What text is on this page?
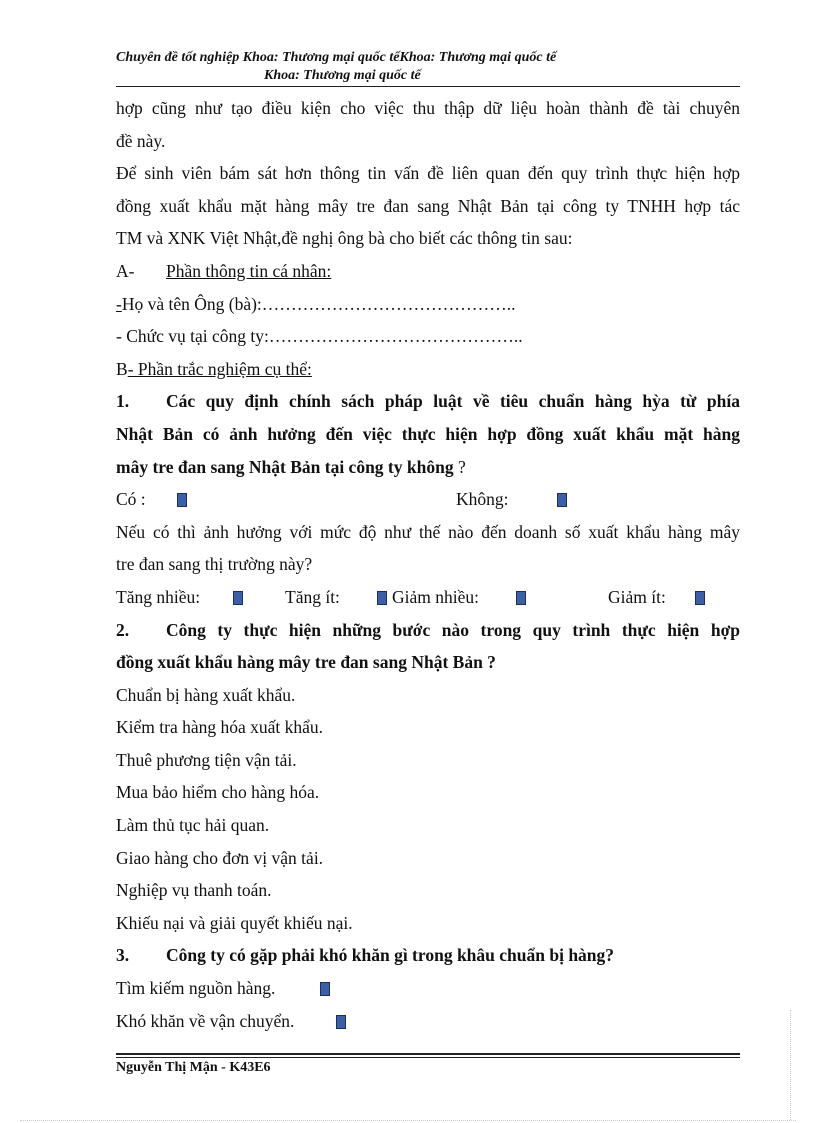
Chuyên đề tốt nghiệp Khoa: Thương mại quốc tếKhoa: Thương mại quốc tế
Khoa: Thương mại quốc tế
hợp cũng như tạo điều kiện cho việc thu thập dữ liệu hoàn thành đề tài chuyên
đề này.
Để sinh viên bám sát hơn thông tin vấn đề liên quan đến quy trình thực hiện hợp
đồng xuất khẩu mặt hàng mây tre đan sang Nhật Bản tại công ty TNHH hợp tác
TM và XNK Việt Nhật,đề nghị ông bà cho biết các thông tin sau:
A- Phần thông tin cá nhân:
-Họ và tên Ông (bà):……………………………………..
- Chức vụ tại công ty:……………………………………..
B- Phần trắc nghiệm cụ thể:
1. Các quy định chính sách pháp luật về tiêu chuẩn hàng hỳa từ phía
Nhật Bản có ảnh hưởng đến việc thực hiện hợp đồng xuất khẩu mặt hàng
mây tre đan sang Nhật Bản tại công ty không ?
Có :	Không:
Nếu có thì ảnh hưởng với mức độ như thế nào đến doanh số xuất khẩu hàng mây
tre đan sang thị trường này?
Tăng nhiều:	Tăng ít:	Giảm nhiều:	Giảm ít:
2. Công ty thực hiện những bước nào trong quy trình thực hiện hợp
đồng xuất khẩu hàng mây tre đan sang Nhật Bản ?
Chuẩn bị hàng xuất khẩu.
Kiểm tra hàng hóa xuất khẩu.
Thuê phương tiện vận tải.
Mua bảo hiểm cho hàng hóa.
Làm thủ tục hải quan.
Giao hàng cho đơn vị vận tải.
Nghiệp vụ thanh toán.
Khiếu nại và giải quyết khiếu nại.
3. Công ty có gặp phải khó khăn gì trong khâu chuẩn bị hàng?
Tìm kiếm nguồn hàng.
Khó khăn về vận chuyển.
Nguyễn Thị Mận - K43E6
